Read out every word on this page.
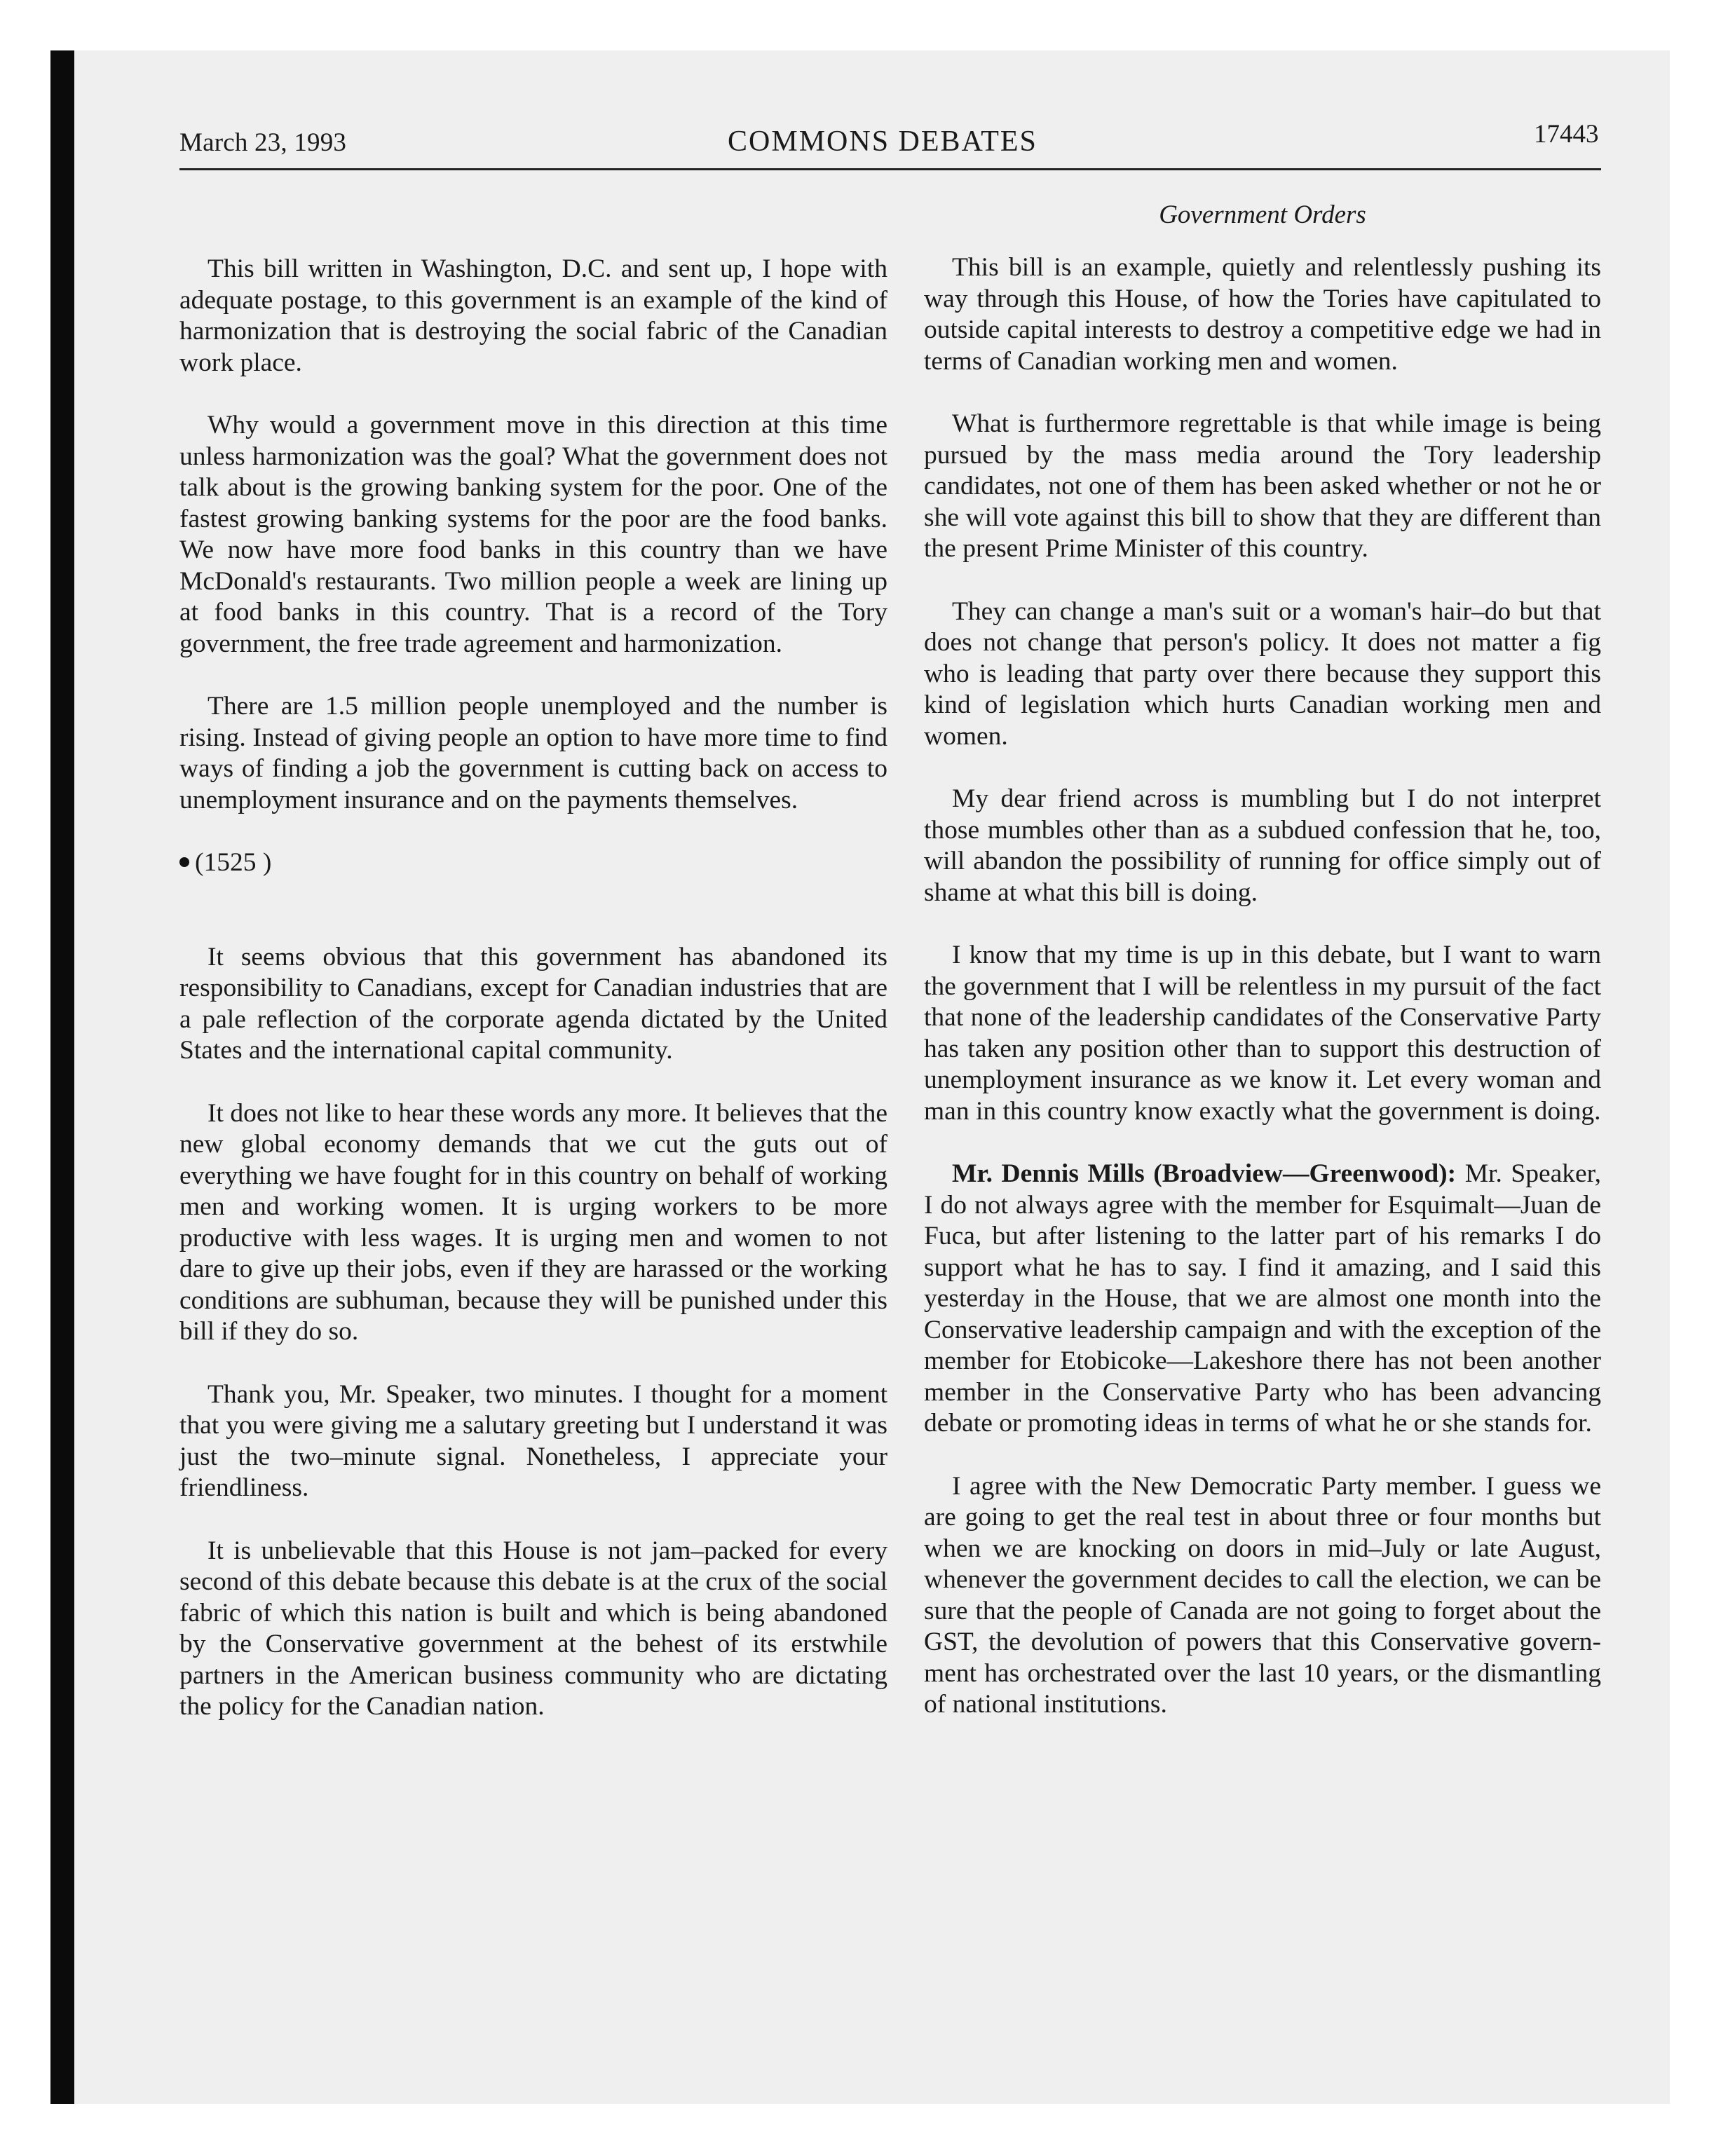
March 23, 1993	COMMONS DEBATES	17443
Government Orders

This bill written in Washington, D.C. and sent up, I hope with adequate postage, to this government is an example of the kind of harmonization that is destroying the social fabric of the Canadian work place.

Why would a government move in this direction at this time unless harmonization was the goal? What the government does not talk about is the growing banking system for the poor. One of the fastest growing banking systems for the poor are the food banks. We now have more food banks in this country than we have McDonald's restaurants. Two million people a week are lining up at food banks in this country. That is a record of the Tory government, the free trade agreement and harmonization.

There are 1.5 million people unemployed and the number is rising. Instead of giving people an option to have more time to find ways of finding a job the government is cutting back on access to unemployment insurance and on the payments themselves.

(1525 )

It seems obvious that this government has abandoned its responsibility to Canadians, except for Canadian industries that are a pale reflection of the corporate agenda dictated by the United States and the international capital community.

It does not like to hear these words any more. It believes that the new global economy demands that we cut the guts out of everything we have fought for in this country on behalf of working men and working women. It is urging workers to be more productive with less wages. It is urging men and women to not dare to give up their jobs, even if they are harassed or the working conditions are subhuman, because they will be punished under this bill if they do so.

Thank you, Mr. Speaker, two minutes. I thought for a moment that you were giving me a salutary greeting but I understand it was just the two–minute signal. Nonetheless, I appreciate your friendliness.

It is unbelievable that this House is not jam–packed for every second of this debate because this debate is at the crux of the social fabric of which this nation is built and which is being abandoned by the Conservative government at the behest of its erstwhile partners in the American business community who are dictating the policy for the Canadian nation.

This bill is an example, quietly and relentlessly pushing its way through this House, of how the Tories have capitulated to outside capital interests to destroy a competitive edge we had in terms of Canadian working men and women.

What is furthermore regrettable is that while image is being pursued by the mass media around the Tory leadership candidates, not one of them has been asked whether or not he or she will vote against this bill to show that they are different than the present Prime Minister of this country.

They can change a man's suit or a woman's hair–do but that does not change that person's policy. It does not matter a fig who is leading that party over there because they support this kind of legislation which hurts Canadian working men and women.

My dear friend across is mumbling but I do not interpret those mumbles other than as a subdued confession that he, too, will abandon the possibility of running for office simply out of shame at what this bill is doing.

I know that my time is up in this debate, but I want to warn the government that I will be relentless in my pursuit of the fact that none of the leadership candidates of the Conservative Party has taken any position other than to support this destruction of unemployment insurance as we know it. Let every woman and man in this country know exactly what the government is doing.

Mr. Dennis Mills (Broadview—Greenwood): Mr. Speaker, I do not always agree with the member for Esquimalt—Juan de Fuca, but after listening to the latter part of his remarks I do support what he has to say. I find it amazing, and I said this yesterday in the House, that we are almost one month into the Conservative leadership campaign and with the exception of the member for Etobicoke—Lakeshore there has not been another member in the Conservative Party who has been advancing debate or promoting ideas in terms of what he or she stands for.

I agree with the New Democratic Party member. I guess we are going to get the real test in about three or four months but when we are knocking on doors in mid–July or late August, whenever the government decides to call the election, we can be sure that the people of Canada are not going to forget about the GST, the devolution of powers that this Conservative government has orchestrated over the last 10 years, or the dismantling of national institutions.
